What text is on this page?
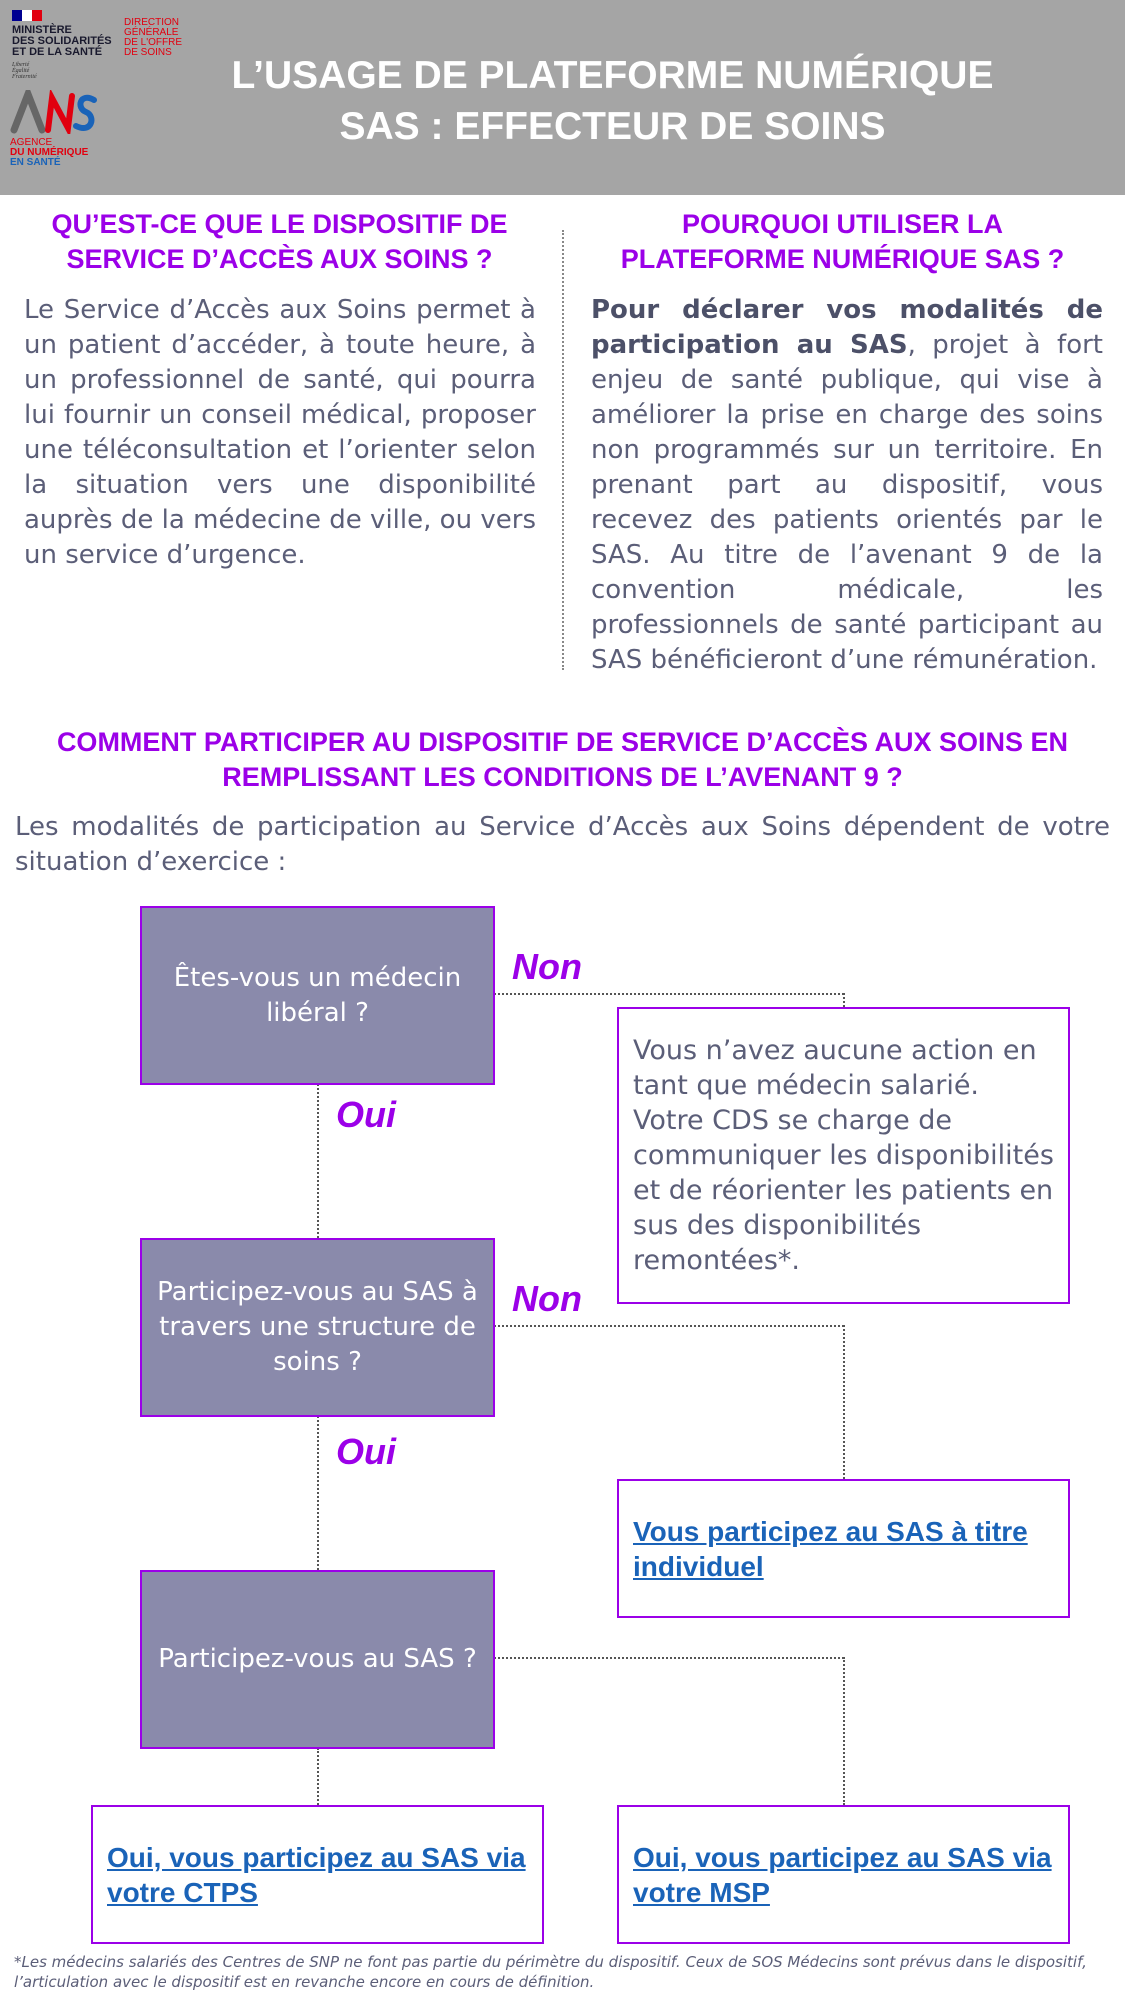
MINISTÈRE
DES SOLIDARITÉS
ET DE LA SANTÉ
Liberté
Égalité
Fraternité
DIRECTION
GÉNÉRALE
DE L'OFFRE
DE SOINS
AGENCE
DU NUMÉRIQUE
EN SANTÉ
L’USAGE DE PLATEFORME NUMÉRIQUE
SAS : EFFECTEUR DE SOINS
QU’EST-CE QUE LE DISPOSITIF DE SERVICE D’ACCÈS AUX SOINS ?
Le Service d’Accès aux Soins permet à un patient d’accéder, à toute heure, à un professionnel de santé, qui pourra lui fournir un conseil médical, proposer une téléconsultation et l’orienter selon la situation vers une disponibilité auprès de la médecine de ville, ou vers un service d’urgence.
POURQUOI UTILISER LA PLATEFORME NUMÉRIQUE SAS ?
Pour déclarer vos modalités de participation au SAS, projet à fort enjeu de santé publique, qui vise à améliorer la prise en charge des soins non programmés sur un territoire. En prenant part au dispositif, vous recevez des patients orientés par le SAS. Au titre de l’avenant 9 de la convention médicale, les professionnels de santé participant au SAS bénéficieront d’une rémunération.
COMMENT PARTICIPER AU DISPOSITIF DE SERVICE D’ACCÈS AUX SOINS EN REMPLISSANT LES CONDITIONS DE L’AVENANT 9 ?
Les modalités de participation au Service d’Accès aux Soins dépendent de votre situation d’exercice :
Êtes-vous un médecin libéral ?
Participez-vous au SAS à travers une structure de soins ?
Participez-vous au SAS ?
Non
Oui
Non
Oui
Vous n’avez aucune action en tant que médecin salarié. Votre CDS se charge de communiquer les disponibilités et de réorienter les patients en sus des disponibilités remontées*.
Vous participez au SAS à titre individuel
Oui, vous participez au SAS via votre CTPS
Oui, vous participez au SAS via votre MSP
*Les médecins salariés des Centres de SNP ne font pas partie du périmètre du dispositif. Ceux de SOS Médecins sont prévus dans le dispositif, l’articulation avec le dispositif est en revanche encore en cours de définition.
